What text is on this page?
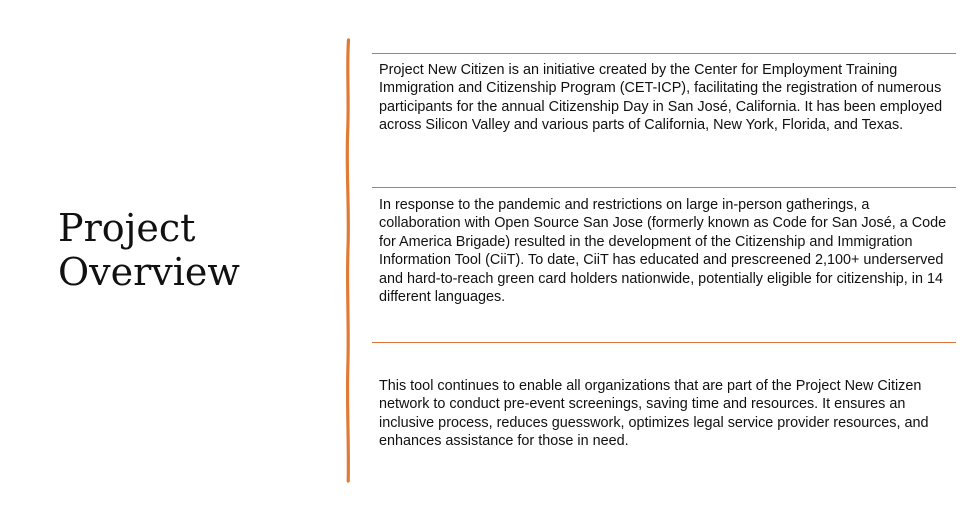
Project
Overview

Project New Citizen is an initiative created by the Center for Employment Training Immigration and Citizenship Program (CET-ICP), facilitating the registration of numerous participants for the annual Citizenship Day in San José, California. It has been employed across Silicon Valley and various parts of California, New York, Florida, and Texas.

In response to the pandemic and restrictions on large in-person gatherings, a collaboration with Open Source San Jose (formerly known as Code for San José, a Code for America Brigade) resulted in the development of the Citizenship and Immigration Information Tool (CiiT). To date, CiiT has educated and prescreened 2,100+ underserved and hard-to-reach green card holders nationwide, potentially eligible for citizenship, in 14 different languages.

This tool continues to enable all organizations that are part of the Project New Citizen network to conduct pre-event screenings, saving time and resources. It ensures an inclusive process, reduces guesswork, optimizes legal service provider resources, and enhances assistance for those in need.
